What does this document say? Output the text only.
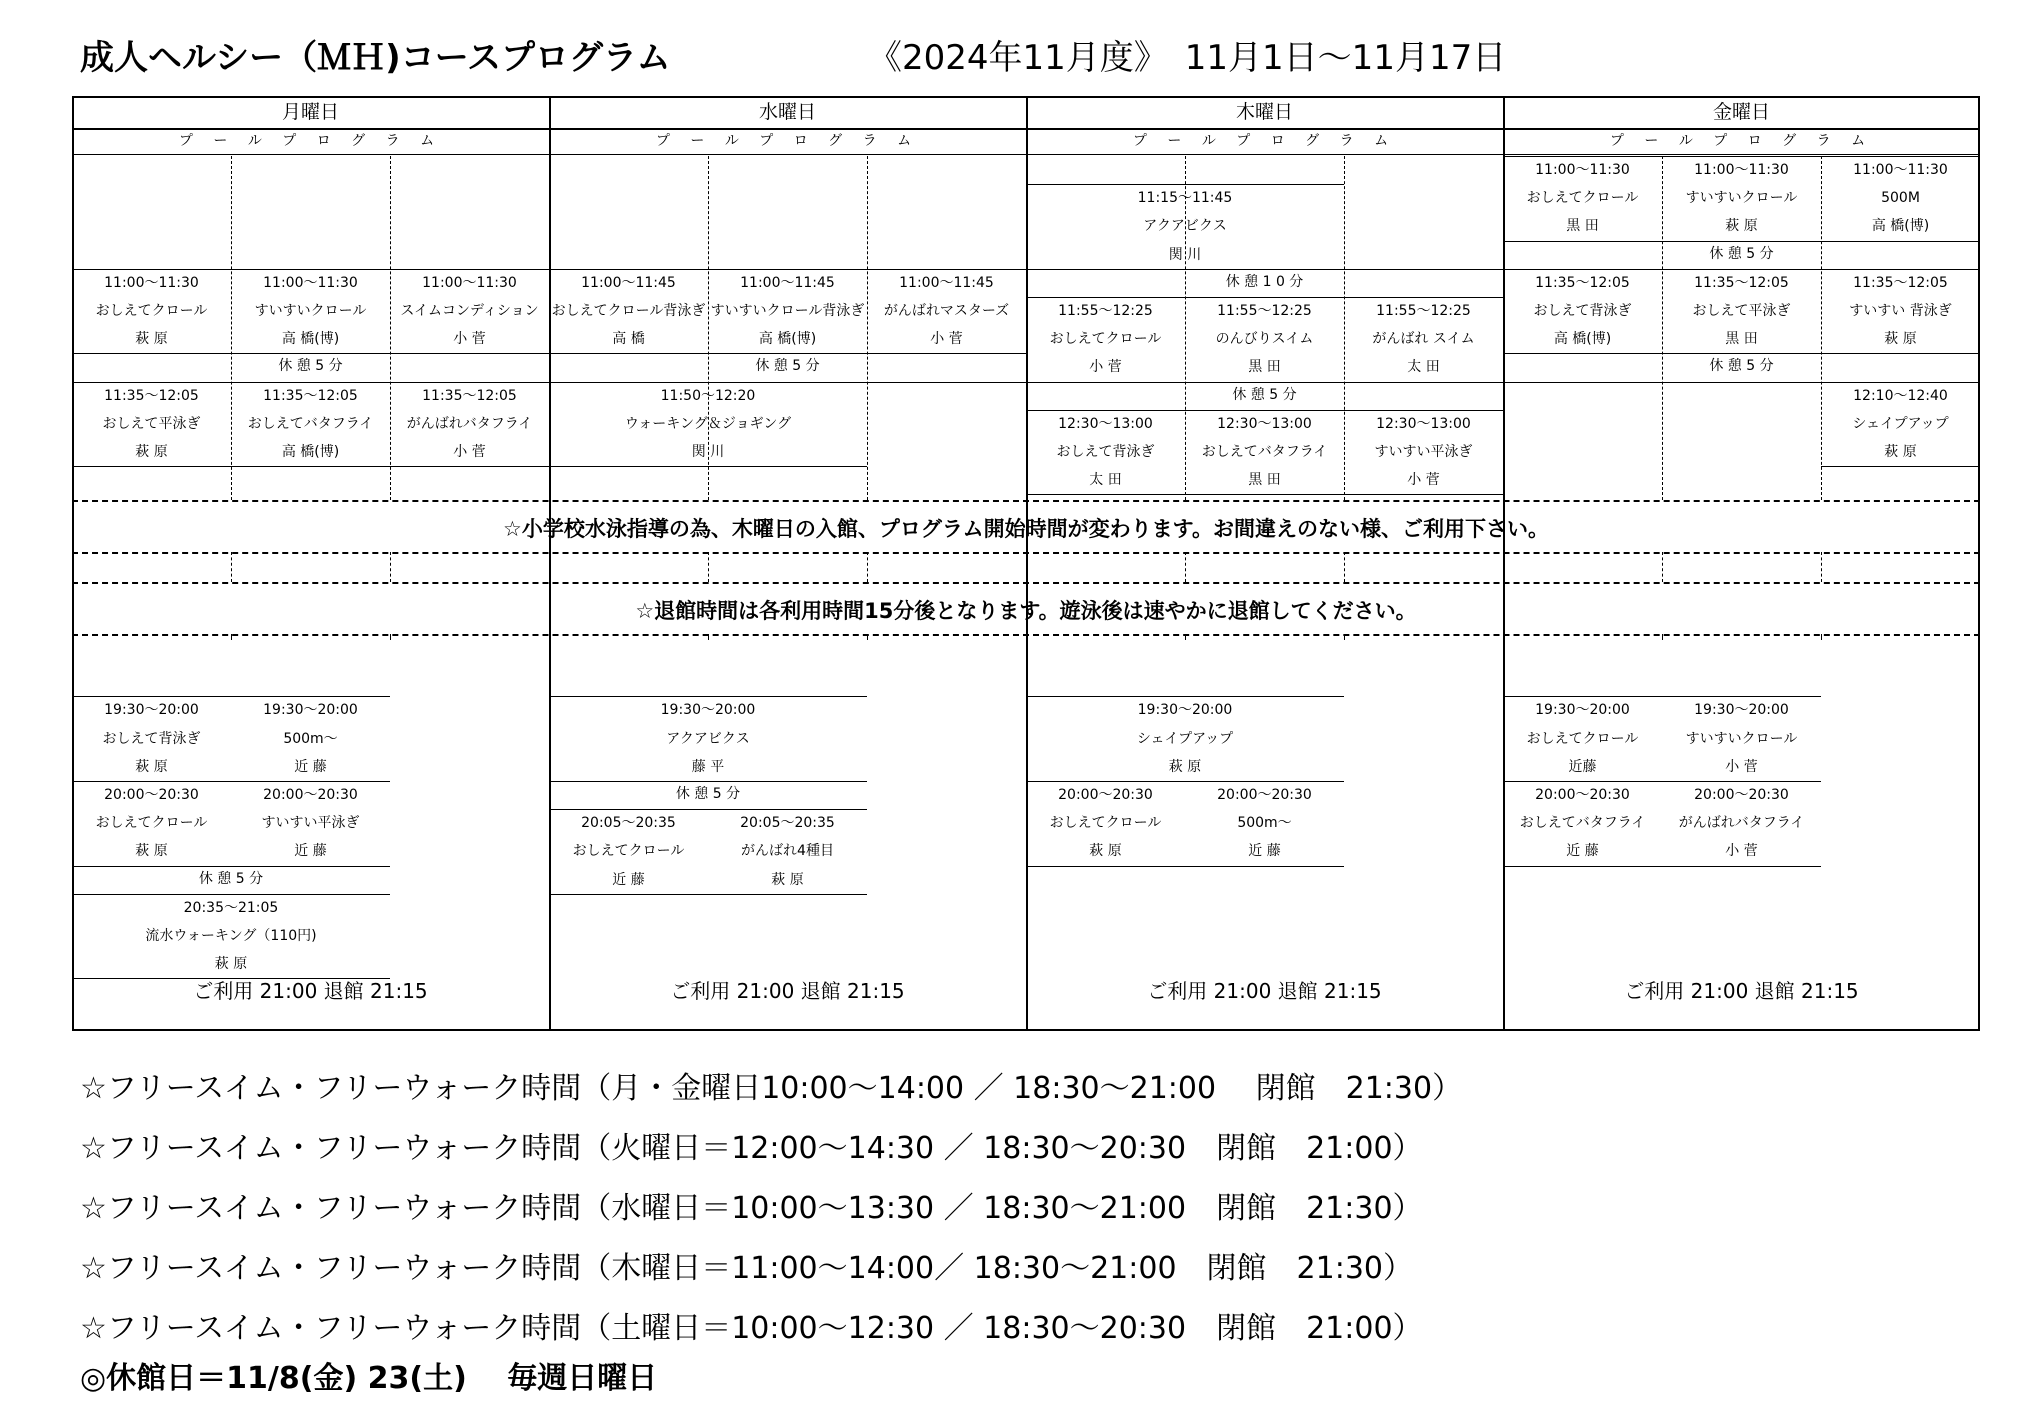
成人ヘルシー（ＭＨ)コースプログラム	《2024年11月度》　11月1日～11月17日
月曜日
プ ー ル プ ロ グ ラ ム
11:00～11:30
おしえてクロール
萩 原
11:00～11:30
すいすいクロール
高 橋(博)
11:00～11:30
スイムコンディション
小 菅
休 憩 5 分
11:35～12:05
おしえて平泳ぎ
萩 原
11:35～12:05
おしえてバタフライ
高 橋(博)
11:35～12:05
がんばれバタフライ
小 菅
19:30～20:00
おしえて背泳ぎ
萩 原
19:30～20:00
500m～
近 藤
20:00～20:30
おしえてクロール
萩 原
20:00～20:30
すいすい平泳ぎ
近 藤
休 憩 5 分
20:35～21:05
流水ウォーキング（110円)
萩 原
ご利用 21:00 退館 21:15
水曜日
プ ー ル プ ロ グ ラ ム
11:00～11:45
おしえてクロール背泳ぎ
高 橋
11:00～11:45
すいすいクロール背泳ぎ
高 橋(博)
11:00～11:45
がんばれマスターズ
小 菅
休 憩 5 分
11:50～12:20
ウォーキング＆ジョギング
関 川
19:30～20:00
アクアビクス
藤 平
休 憩 5 分
20:05～20:35
おしえてクロール
近 藤
20:05～20:35
がんばれ4種目
萩 原
ご利用 21:00 退館 21:15
木曜日
プ ー ル プ ロ グ ラ ム
11:15～11:45
アクアビクス
関 川
休 憩 1 0 分
11:55～12:25
おしえてクロール
小 菅
11:55～12:25
のんびりスイム
黒 田
11:55～12:25
がんばれ スイム
太 田
休 憩 5 分
12:30～13:00
おしえて背泳ぎ
太 田
12:30～13:00
おしえてバタフライ
黒 田
12:30～13:00
すいすい平泳ぎ
小 菅
19:30～20:00
シェイプアップ
萩 原
20:00～20:30
おしえてクロール
萩 原
20:00～20:30
500m～
近 藤
ご利用 21:00 退館 21:15
金曜日
プ ー ル プ ロ グ ラ ム
11:00～11:30
おしえてクロール
黒 田
11:00～11:30
すいすいクロール
萩 原
11:00～11:30
500M
高 橋(博)
休 憩 5 分
11:35～12:05
おしえて背泳ぎ
高 橋(博)
11:35～12:05
おしえて平泳ぎ
黒 田
11:35～12:05
すいすい 背泳ぎ
萩 原
休 憩 5 分
12:10～12:40
シェイプアップ
萩 原
19:30～20:00
おしえてクロール
近藤
19:30～20:00
すいすいクロール
小 菅
20:00～20:30
おしえてバタフライ
近 藤
20:00～20:30
がんばれバタフライ
小 菅
ご利用 21:00 退館 21:15
☆小学校水泳指導の為、木曜日の入館、プログラム開始時間が変わります。お間違えのない様、ご利用下さい。
☆退館時間は各利用時間15分後となります。遊泳後は速やかに退館してください。
☆フリースイム・フリーウォーク時間（月・金曜日10:00～14:00 ／ 18:30～21:00　 閉館　21:30）
☆フリースイム・フリーウォーク時間（火曜日＝12:00～14:30 ／ 18:30～20:30　閉館　21:00）
☆フリースイム・フリーウォーク時間（水曜日＝10:00～13:30 ／ 18:30～21:00　閉館　21:30）
☆フリースイム・フリーウォーク時間（木曜日＝11:00～14:00／ 18:30～21:00　閉館　21:30）
☆フリースイム・フリーウォーク時間（土曜日＝10:00～12:30 ／ 18:30～20:30　閉館　21:00）
◎休館日＝11/8(金) 23(土)　 毎週日曜日
